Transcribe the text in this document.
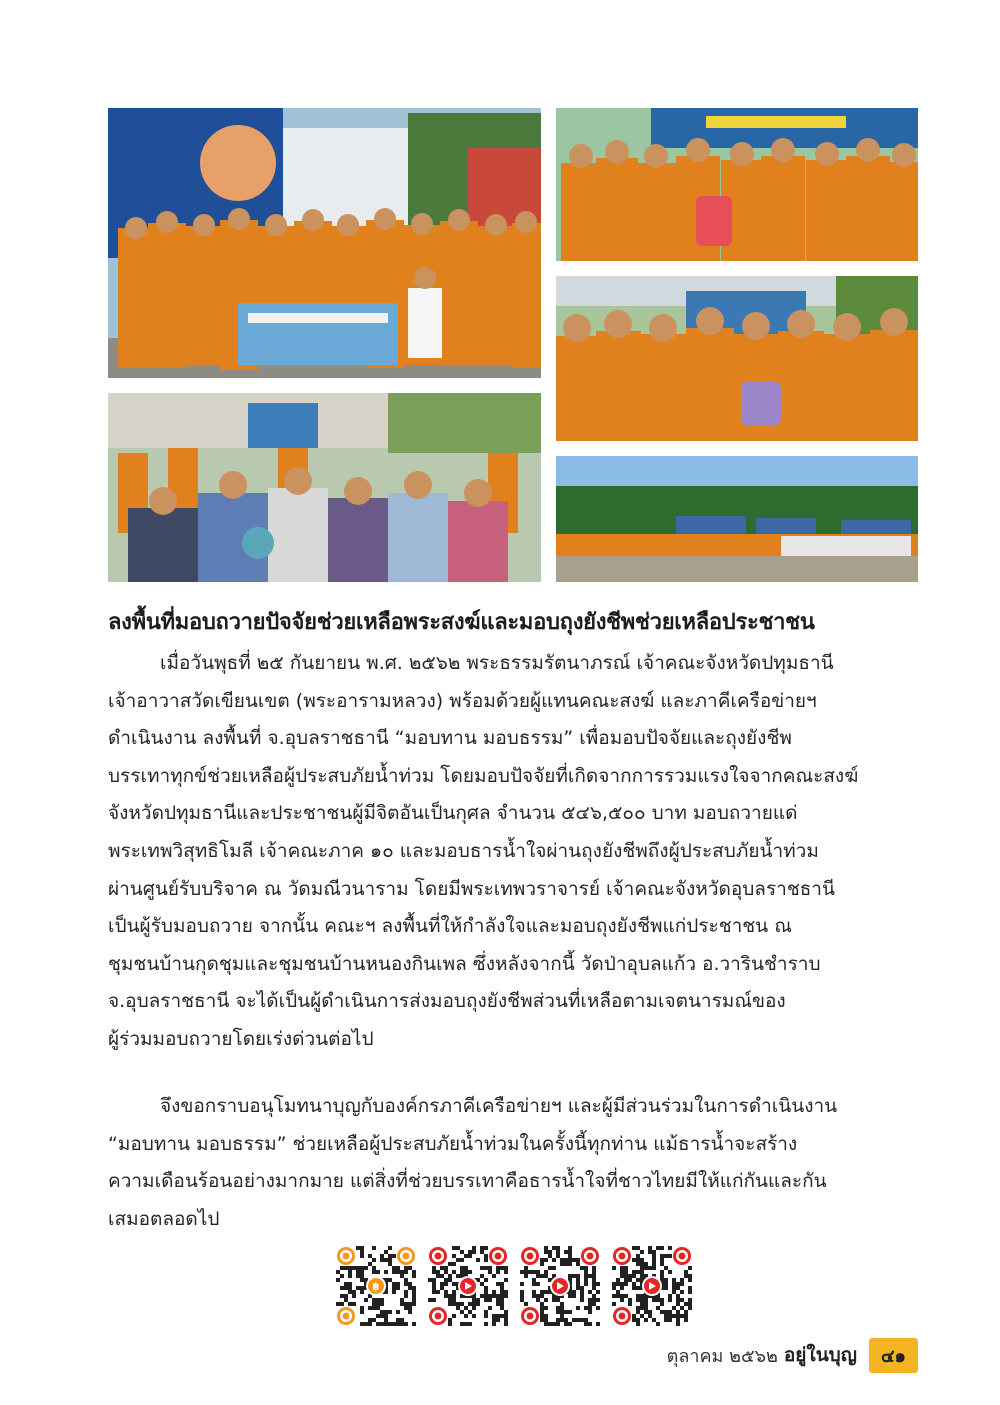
ลงพื้นที่มอบถวายปัจจัยช่วยเหลือพระสงฆ์และมอบถุงยังชีพช่วยเหลือประชาชน

เมื่อวันพุธที่ ๒๕ กันยายน พ.ศ. ๒๕๖๒ พระธรรมรัตนาภรณ์ เจ้าคณะจังหวัดปทุมธานี
เจ้าอาวาสวัดเขียนเขต (พระอารามหลวง) พร้อมด้วยผู้แทนคณะสงฆ์ และภาคีเครือข่ายฯ
ดำเนินงาน ลงพื้นที่ จ.อุบลราชธานี “มอบทาน มอบธรรม” เพื่อมอบปัจจัยและถุงยังชีพ
บรรเทาทุกข์ช่วยเหลือผู้ประสบภัยน้ำท่วม โดยมอบปัจจัยที่เกิดจากการรวมแรงใจจากคณะสงฆ์
จังหวัดปทุมธานีและประชาชนผู้มีจิตอันเป็นกุศล จำนวน ๕๔๖,๕๐๐ บาท มอบถวายแด่
พระเทพวิสุทธิโมลี เจ้าคณะภาค ๑๐ และมอบธารน้ำใจผ่านถุงยังชีพถึงผู้ประสบภัยน้ำท่วม
ผ่านศูนย์รับบริจาค ณ วัดมณีวนาราม โดยมีพระเทพวราจารย์ เจ้าคณะจังหวัดอุบลราชธานี
เป็นผู้รับมอบถวาย จากนั้น คณะฯ ลงพื้นที่ให้กำลังใจและมอบถุงยังชีพแก่ประชาชน ณ
ชุมชนบ้านกุดชุมและชุมชนบ้านหนองกินเพล ซึ่งหลังจากนี้ วัดป่าอุบลแก้ว อ.วารินชำราบ
จ.อุบลราชธานี จะได้เป็นผู้ดำเนินการส่งมอบถุงยังชีพส่วนที่เหลือตามเจตนารมณ์ของ
ผู้ร่วมมอบถวายโดยเร่งด่วนต่อไป

จึงขอกราบอนุโมทนาบุญกับองค์กรภาคีเครือข่ายฯ และผู้มีส่วนร่วมในการดำเนินงาน
“มอบทาน มอบธรรม” ช่วยเหลือผู้ประสบภัยน้ำท่วมในครั้งนี้ทุกท่าน แม้ธารน้ำจะสร้าง
ความเดือนร้อนอย่างมากมาย แต่สิ่งที่ช่วยบรรเทาคือธารน้ำใจที่ชาวไทยมีให้แก่กันและกัน
เสมอตลอดไป

฿
ตุลาคม ๒๕๖๒ อยู่ในบุญ	๔๑
